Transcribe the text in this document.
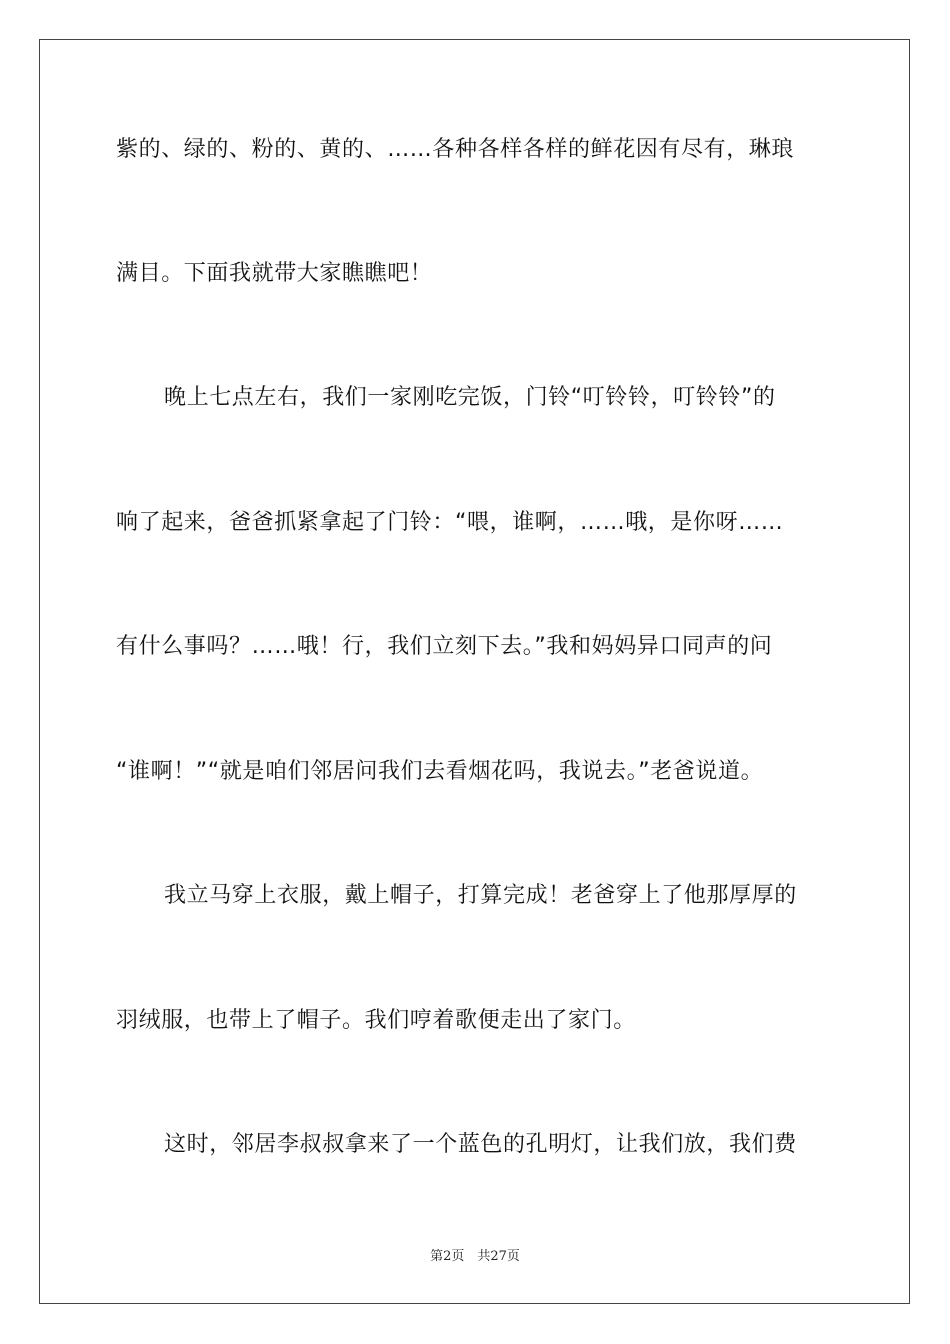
紫的、绿的、粉的、黄的、……各种各样各样的鲜花因有尽有，琳琅
满目。下面我就带大家瞧瞧吧！
晚上七点左右，我们一家刚吃完饭，门铃“叮铃铃，叮铃铃”的
响了起来，爸爸抓紧拿起了门铃：“喂，谁啊，……哦，是你呀……
有什么事吗？……哦！行，我们立刻下去。”我和妈妈异口同声的问
“谁啊！”“就是咱们邻居问我们去看烟花吗，我说去。”老爸说道。
我立马穿上衣服，戴上帽子，打算完成！老爸穿上了他那厚厚的
羽绒服，也带上了帽子。我们哼着歌便走出了家门。
这时，邻居李叔叔拿来了一个蓝色的孔明灯，让我们放，我们费
第2页　共27页
